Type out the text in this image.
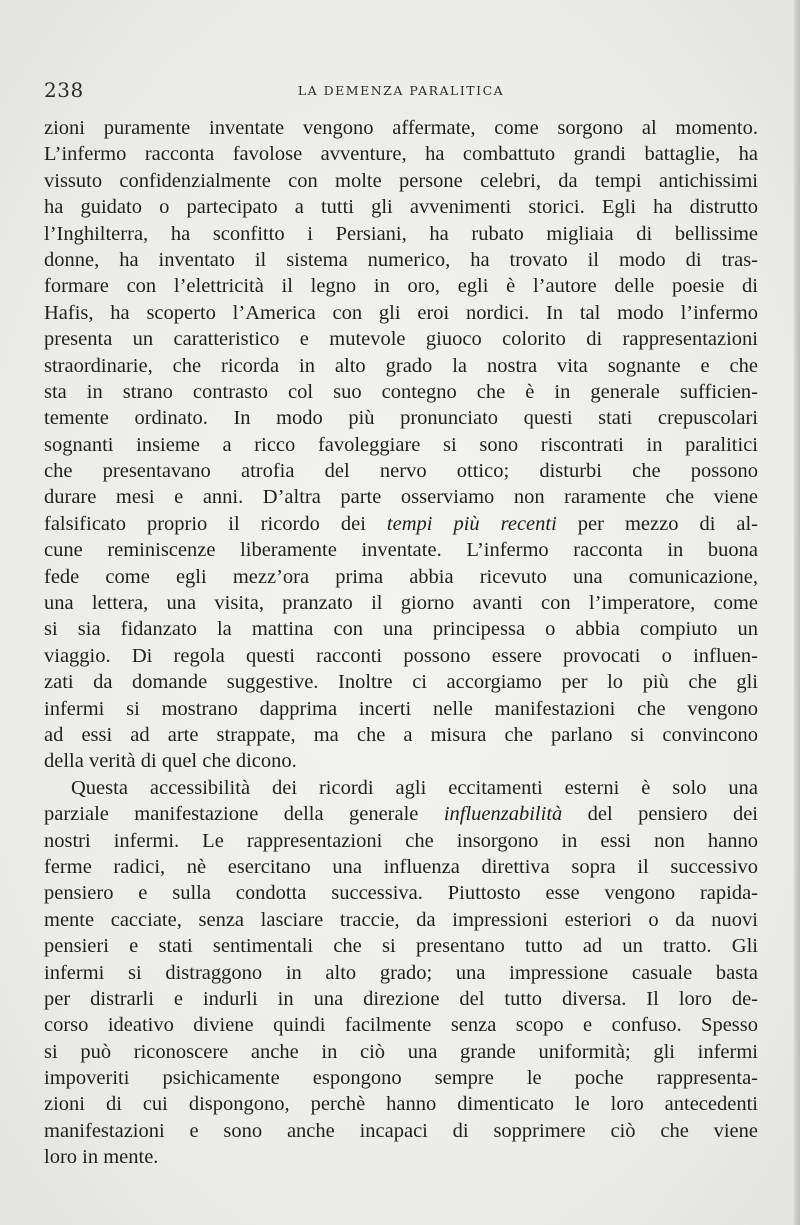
238	LA DEMENZA PARALITICA
zioni puramente inventate vengono affermate, come sorgono al momento.
L’infermo racconta favolose avventure, ha combattuto grandi battaglie, ha
vissuto confidenzialmente con molte persone celebri, da tempi antichissimi
ha guidato o partecipato a tutti gli avvenimenti storici. Egli ha distrutto
l’Inghilterra, ha sconfitto i Persiani, ha rubato migliaia di bellissime
donne, ha inventato il sistema numerico, ha trovato il modo di tras-
formare con l’elettricità il legno in oro, egli è l’autore delle poesie di
Hafis, ha scoperto l’America con gli eroi nordici. In tal modo l’infermo
presenta un caratteristico e mutevole giuoco colorito di rappresentazioni
straordinarie, che ricorda in alto grado la nostra vita sognante e che
sta in strano contrasto col suo contegno che è in generale sufficien-
temente ordinato. In modo più pronunciato questi stati crepuscolari
sognanti insieme a ricco favoleggiare si sono riscontrati in paralitici
che presentavano atrofia del nervo ottico; disturbi che possono
durare mesi e anni. D’altra parte osserviamo non raramente che viene
falsificato proprio il ricordo dei tempi più recenti per mezzo di al-
cune reminiscenze liberamente inventate. L’infermo racconta in buona
fede come egli mezz’ora prima abbia ricevuto una comunicazione,
una lettera, una visita, pranzato il giorno avanti con l’imperatore, come
si sia fidanzato la mattina con una principessa o abbia compiuto un
viaggio. Di regola questi racconti possono essere provocati o influen-
zati da domande suggestive. Inoltre ci accorgiamo per lo più che gli
infermi si mostrano dapprima incerti nelle manifestazioni che vengono
ad essi ad arte strappate, ma che a misura che parlano si convincono
della verità di quel che dicono.
Questa accessibilità dei ricordi agli eccitamenti esterni è solo una
parziale manifestazione della generale influenzabilità del pensiero dei
nostri infermi. Le rappresentazioni che insorgono in essi non hanno
ferme radici, nè esercitano una influenza direttiva sopra il successivo
pensiero e sulla condotta successiva. Piuttosto esse vengono rapida-
mente cacciate, senza lasciare traccie, da impressioni esteriori o da nuovi
pensieri e stati sentimentali che si presentano tutto ad un tratto. Gli
infermi si distraggono in alto grado; una impressione casuale basta
per distrarli e indurli in una direzione del tutto diversa. Il loro de-
corso ideativo diviene quindi facilmente senza scopo e confuso. Spesso
si può riconoscere anche in ciò una grande uniformità; gli infermi
impoveriti psichicamente espongono sempre le poche rappresenta-
zioni di cui dispongono, perchè hanno dimenticato le loro antecedenti
manifestazioni e sono anche incapaci di sopprimere ciò che viene
loro in mente.
